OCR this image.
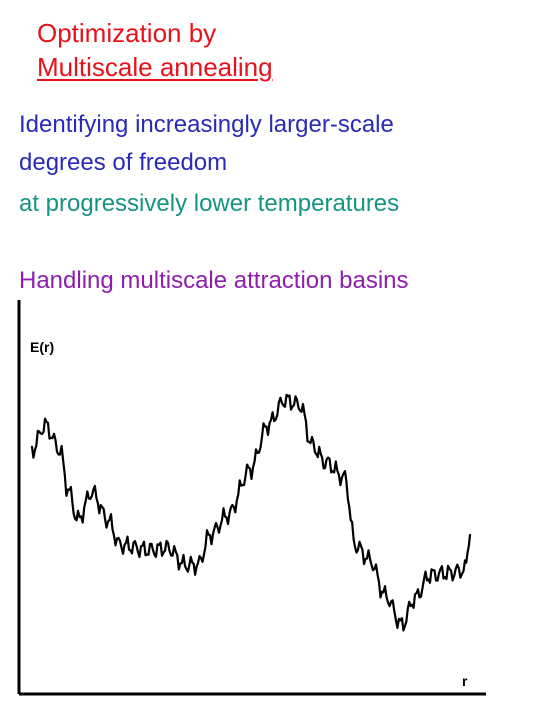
Optimization by
Multiscale annealing
Identifying increasingly larger-scale
degrees of freedom
at progressively lower temperatures
Handling multiscale attraction basins
E(r)
r
